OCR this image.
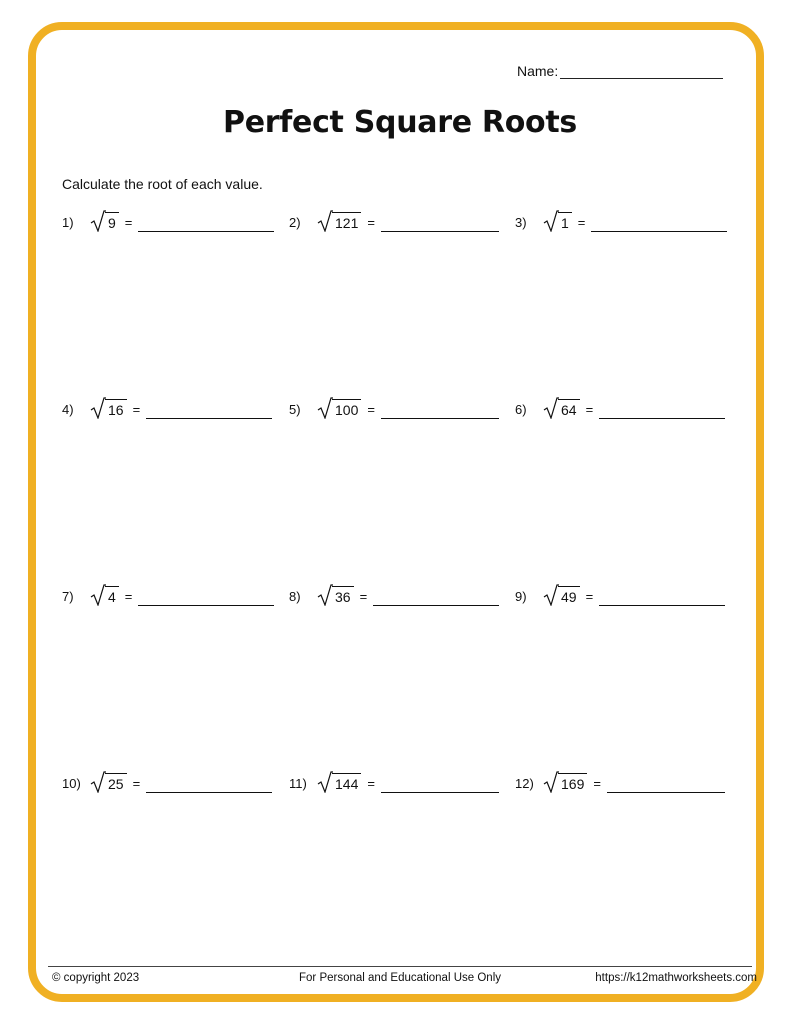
Name:
Perfect Square Roots
Calculate the root of each value.
1)	9 =	2)	121 =	3)	1 =
4)	16 =	5)	100 =	6)	64 =
7)	4 =	8)	36 =	9)	49 =
10)	25 =	11)	144 =	12)	169 =
© copyright 2023	For Personal and Educational Use Only	https://k12mathworksheets.com
